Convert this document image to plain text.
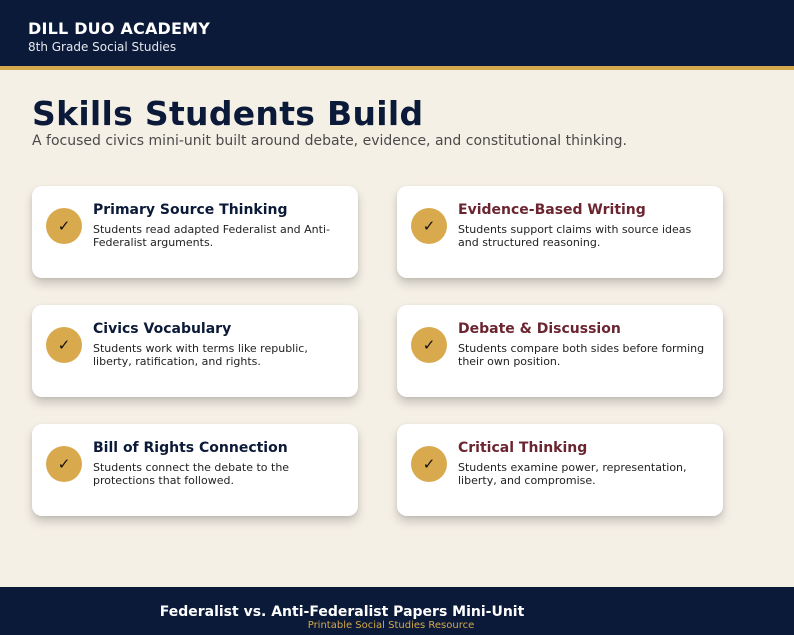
DILL DUO ACADEMY
8th Grade Social Studies
Skills Students Build
A focused civics mini-unit built around debate, evidence, and constitutional thinking.
✓
Primary Source Thinking
Students read adapted Federalist and Anti-Federalist arguments.
✓
Evidence-Based Writing
Students support claims with source ideas and structured reasoning.
✓
Civics Vocabulary
Students work with terms like republic, liberty, ratification, and rights.
✓
Debate & Discussion
Students compare both sides before forming their own position.
✓
Bill of Rights Connection
Students connect the debate to the protections that followed.
✓
Critical Thinking
Students examine power, representation, liberty, and compromise.
Federalist vs. Anti-Federalist Papers Mini-Unit
Printable Social Studies Resource
